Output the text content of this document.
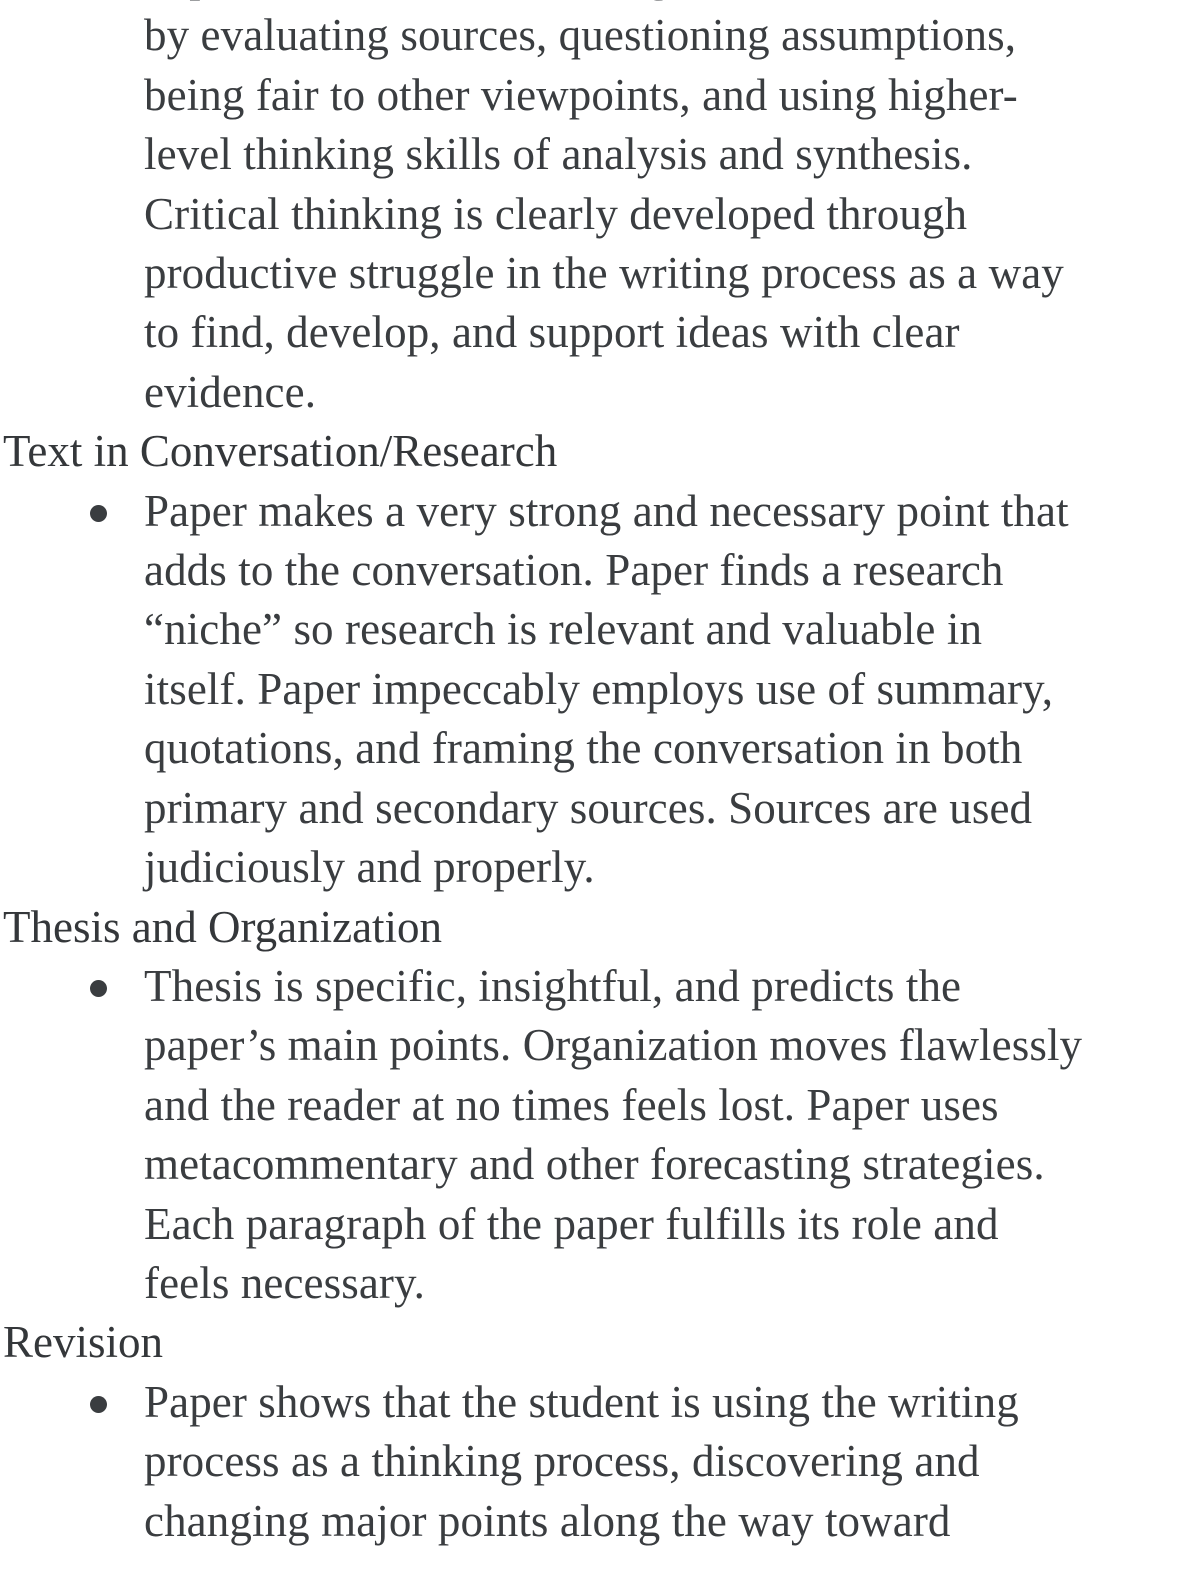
by evaluating sources, questioning assumptions,

being fair to other viewpoints, and using higher-

level thinking skills of analysis and synthesis.

Critical thinking is clearly developed through

productive struggle in the writing process as a way

to find, develop, and support ideas with clear

evidence.

Text in Conversation/Research

Paper makes a very strong and necessary point that

adds to the conversation. Paper finds a research

“niche” so research is relevant and valuable in

itself. Paper impeccably employs use of summary,

quotations, and framing the conversation in both

primary and secondary sources. Sources are used

judiciously and properly.

Thesis and Organization

Thesis is specific, insightful, and predicts the

paper’s main points. Organization moves flawlessly

and the reader at no times feels lost. Paper uses

metacommentary and other forecasting strategies.

Each paragraph of the paper fulfills its role and

feels necessary.

Revision

Paper shows that the student is using the writing

process as a thinking process, discovering and

changing major points along the way toward
